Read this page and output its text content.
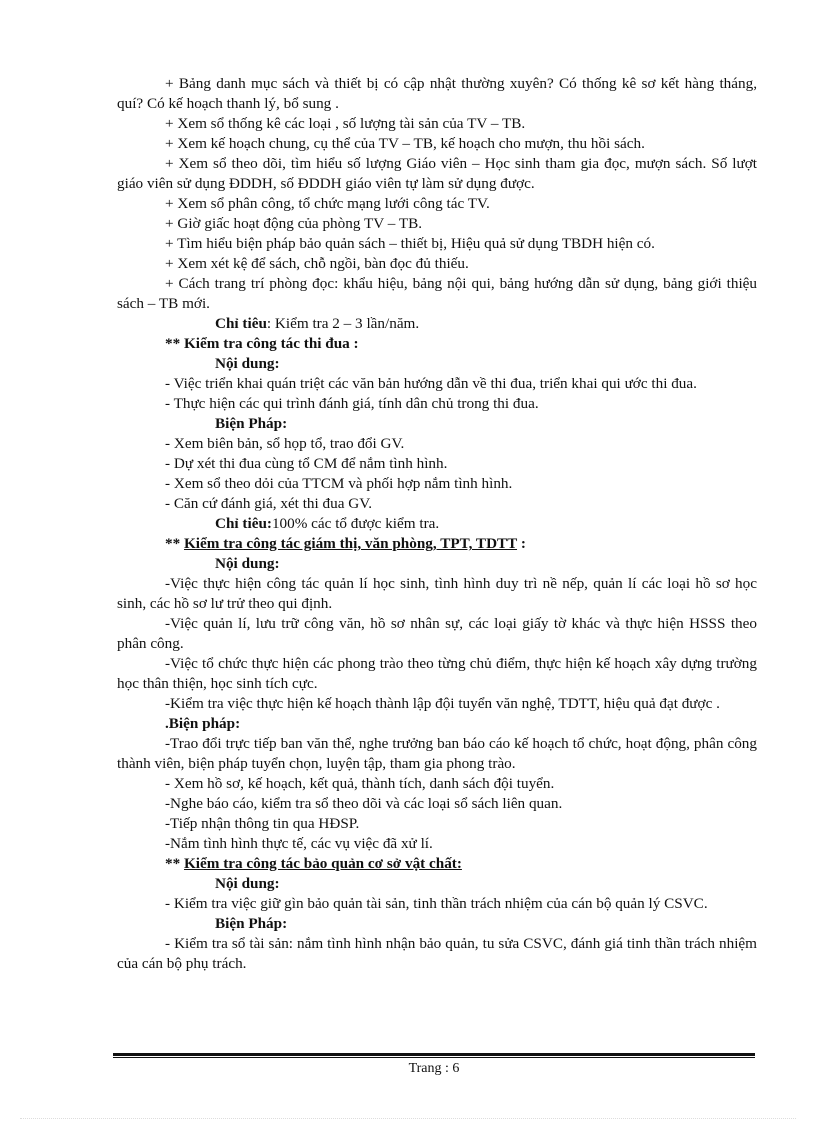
+ Bảng danh mục sách và thiết bị có cập nhật thường xuyên? Có thống kê sơ kết hàng tháng, quí? Có kế hoạch thanh lý, bổ sung .

+ Xem sổ thống kê các loại , số lượng tài sản của TV – TB.

+ Xem kế hoạch chung, cụ thể của TV – TB, kế hoạch cho mượn, thu hồi sách.

+ Xem sổ theo dõi, tìm hiểu số lượng Giáo viên – Học sinh tham gia đọc, mượn sách. Số lượt giáo viên sử dụng ĐDDH, số ĐDDH giáo viên tự làm sử dụng được.

+ Xem sổ phân công, tổ chức mạng lưới công tác TV.

+ Giờ giấc hoạt động của phòng TV – TB.

+ Tìm hiểu biện pháp bảo quản sách – thiết bị, Hiệu quả sử dụng TBDH hiện có.

+ Xem xét kệ để sách, chỗ ngồi, bàn đọc đủ thiếu.

+ Cách trang trí phòng đọc: khẩu hiệu, bảng nội qui, bảng hướng dẫn sử dụng, bảng giới thiệu sách – TB mới.

Chỉ tiêu: Kiểm tra 2 – 3 lần/năm.

** Kiểm tra công tác thi đua :

Nội dung:

- Việc triển khai quán triệt các văn bản hướng dẫn về thi đua, triển khai qui ước thi đua.

- Thực hiện các qui trình đánh giá, tính dân chủ trong thi đua.

Biện Pháp:

- Xem biên bản, sổ họp tổ, trao đổi GV.

- Dự xét thi đua cùng tổ CM để nắm tình hình.

- Xem sổ theo dỏi của TTCM và phối hợp nắm tình hình.

- Căn cứ đánh giá, xét thi đua GV.

Chỉ tiêu:100% các tổ được kiểm tra.

** Kiểm tra công tác giám thị, văn phòng, TPT, TDTT :

Nội dung:

-Việc thực hiện công tác quản lí học sinh, tình hình duy trì nề nếp, quản lí các loại hồ sơ học sinh, các hồ sơ lư trử theo qui định.

-Việc quản lí, lưu trữ công văn, hồ sơ nhân sự, các loại giấy tờ khác và thực hiện HSSS theo phân công.

-Việc tổ chức thực hiện các phong trào theo từng chủ điểm, thực hiện kế hoạch xây dựng trường học thân thiện, học sinh tích cực.

-Kiểm tra việc thực hiện kế hoạch thành lập đội tuyển văn nghệ, TDTT, hiệu quả đạt được .

.Biện pháp:

-Trao đổi trực tiếp ban văn thể, nghe trưởng ban báo cáo kế hoạch tổ chức, hoạt động, phân công thành viên, biện pháp tuyển chọn, luyện tập, tham gia phong trào.

- Xem hồ sơ, kế hoạch, kết quả, thành tích, danh sách đội tuyển.

-Nghe báo cáo, kiểm tra sổ theo dõi và các loại sổ sách liên quan.

-Tiếp nhận thông tin qua HĐSP.

-Nắm tình hình thực tế, các vụ việc đã xử lí.

** Kiểm tra công tác bảo quản cơ sở vật chất:

Nội dung:

- Kiểm tra việc giữ gìn bảo quản tài sản, tinh thần trách nhiệm của cán bộ quản lý CSVC.

Biện Pháp:

- Kiểm tra sổ tài sản: nắm tình hình nhận bảo quản, tu sửa CSVC, đánh giá tinh thần trách nhiệm của cán bộ phụ trách.

Trang : 6
